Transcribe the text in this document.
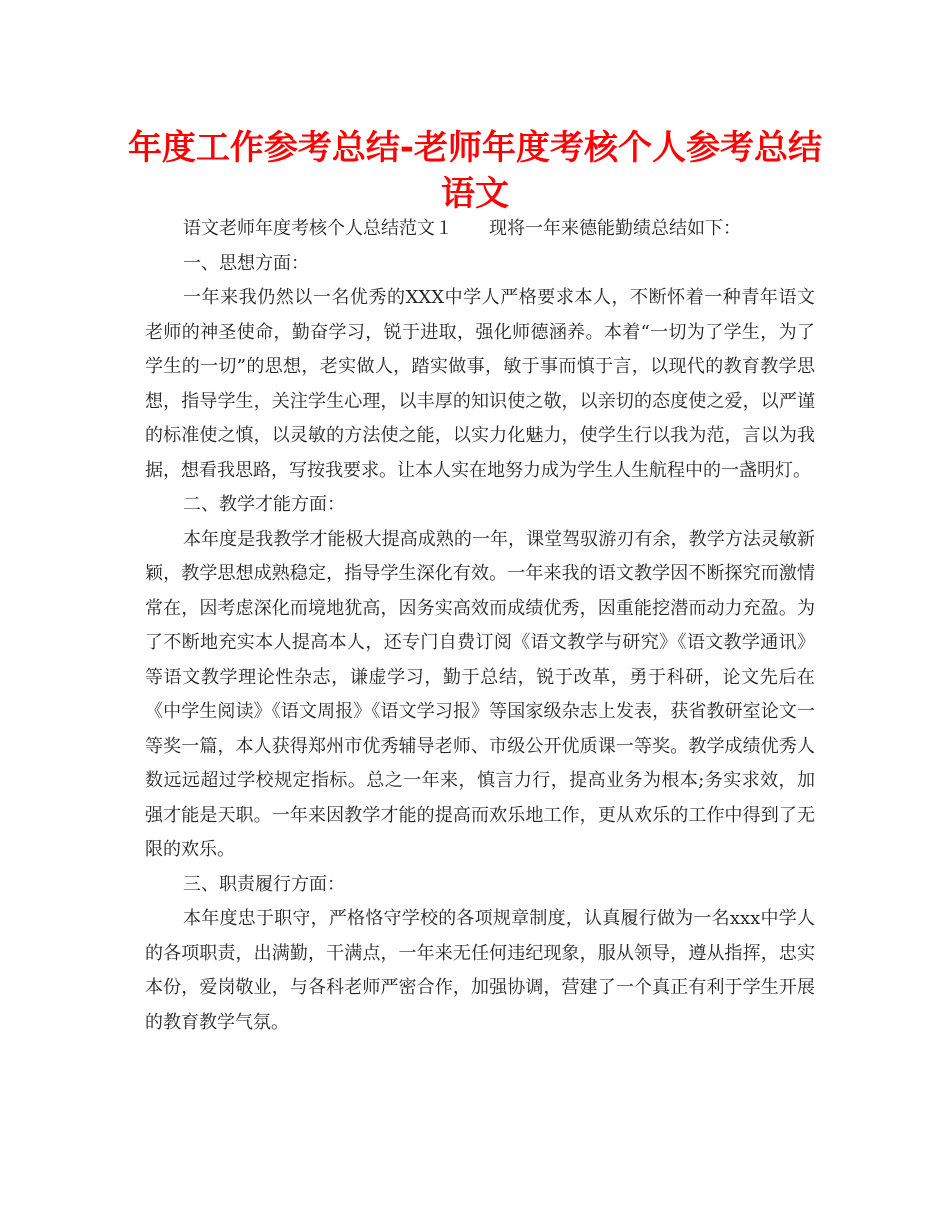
年度工作参考总结-老师年度考核个人参考总结
语文

语文老师年度考核个人总结范文１ 现将一年来德能勤绩总结如下：

一、思想方面：

一年来我仍然以一名优秀的XXX中学人严格要求本人，不断怀着一种青年语文老师的神圣使命，勤奋学习，锐于进取，强化师德涵养。本着“一切为了学生，为了学生的一切”的思想，老实做人，踏实做事，敏于事而慎于言，以现代的教育教学思想，指导学生，关注学生心理，以丰厚的知识使之敬，以亲切的态度使之爱，以严谨的标准使之慎，以灵敏的方法使之能，以实力化魅力，使学生行以我为范，言以为我据，想看我思路，写按我要求。让本人实在地努力成为学生人生航程中的一盏明灯。

二、教学才能方面：

本年度是我教学才能极大提高成熟的一年，课堂驾驭游刃有余，教学方法灵敏新颖，教学思想成熟稳定，指导学生深化有效。一年来我的语文教学因不断探究而激情常在，因考虑深化而境地犹高，因务实高效而成绩优秀，因重能挖潜而动力充盈。为了不断地充实本人提高本人，还专门自费订阅《语文教学与研究》《语文教学通讯》等语文教学理论性杂志，谦虚学习，勤于总结，锐于改革，勇于科研，论文先后在《中学生阅读》《语文周报》《语文学习报》等国家级杂志上发表，获省教研室论文一等奖一篇，本人获得郑州市优秀辅导老师、市级公开优质课一等奖。教学成绩优秀人数远远超过学校规定指标。总之一年来，慎言力行，提高业务为根本;务实求效，加强才能是天职。一年来因教学才能的提高而欢乐地工作，更从欢乐的工作中得到了无限的欢乐。

三、职责履行方面：

本年度忠于职守，严格恪守学校的各项规章制度，认真履行做为一名xxx中学人的各项职责，出满勤，干满点，一年来无任何违纪现象，服从领导，遵从指挥，忠实本份，爱岗敬业，与各科老师严密合作，加强协调，营建了一个真正有利于学生开展的教育教学气氛。
